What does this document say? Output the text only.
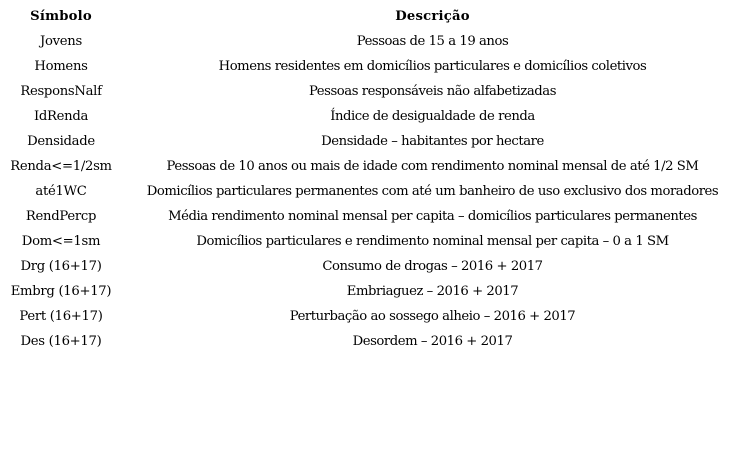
Símbolo	Descrição
Jovens	Pessoas de 15 a 19 anos
Homens	Homens residentes em domicílios particulares e domicílios coletivos
ResponsNalf	Pessoas responsáveis não alfabetizadas
IdRenda	Índice de desigualdade de renda
Densidade	Densidade – habitantes por hectare
Renda<=1/2sm	Pessoas de 10 anos ou mais de idade com rendimento nominal mensal de até 1/2 SM
até1WC	Domicílios particulares permanentes com até um banheiro de uso exclusivo dos moradores
RendPercp	Média rendimento nominal mensal per capita – domicílios particulares permanentes
Dom<=1sm	Domicílios particulares e rendimento nominal mensal per capita – 0 a 1 SM
Drg (16+17)	Consumo de drogas – 2016 + 2017
Embrg (16+17)	Embriaguez – 2016 + 2017
Pert (16+17)	Perturbação ao sossego alheio – 2016 + 2017
Des (16+17)	Desordem – 2016 + 2017
